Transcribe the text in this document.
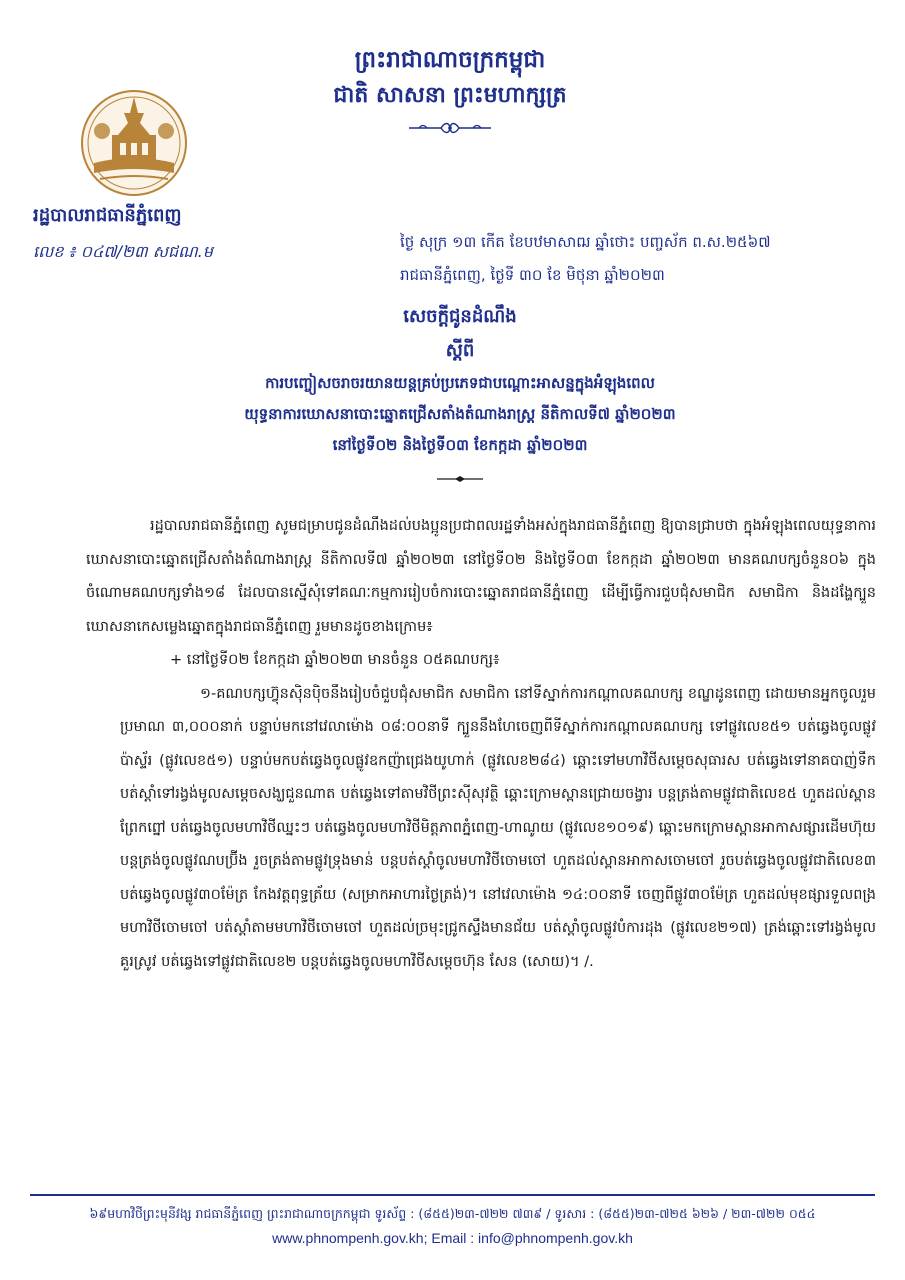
ព្រះរាជាណាចក្រកម្ពុជា
ជាតិ សាសនា ព្រះមហាក្សត្រ
រដ្ឋបាលរាជធានីភ្នំពេញ
លេខ ៖ ០៤៧/២៣ សជណ.ម	ថ្ងៃ សុក្រ ១៣ កើត ខែបឋមាសាឍ ឆ្នាំថោះ បញ្ចស័ក ព.ស.២៥៦៧
រាជធានីភ្នំពេញ, ថ្ងៃទី ៣០ ខែ មិថុនា ឆ្នាំ២០២៣
សេចក្តីជូនដំណឹង
ស្តីពី
ការបញ្ចៀសចរាចរយានយន្តគ្រប់ប្រភេទជាបណ្តោះអាសន្នក្នុងអំឡុងពេល
យុទ្ធនាការឃោសនាបោះឆ្នោតជ្រើសតាំងតំណាងរាស្ត្រ នីតិកាលទី៧ ឆ្នាំ២០២៣
នៅថ្ងៃទី០២ និងថ្ងៃទី០៣ ខែកក្កដា ឆ្នាំ២០២៣
រដ្ឋបាលរាជធានីភ្នំពេញ សូមជម្រាបជូនដំណឹងដល់បងប្អូនប្រជាពលរដ្ឋទាំងអស់ក្នុងរាជធានីភ្នំពេញ ឱ្យបានជ្រាបថា ក្នុងអំឡុងពេលយុទ្ធនាការឃោសនាបោះឆ្នោតជ្រើសតាំងតំណាងរាស្ត្រ នីតិកាលទី៧ ឆ្នាំ២០២៣ នៅថ្ងៃទី០២ និងថ្ងៃទី០៣ ខែកក្កដា ឆ្នាំ២០២៣ មានគណបក្សចំនួន០៦ ក្នុងចំណោមគណបក្សទាំង១៨ ដែលបានស្នើសុំទៅគណៈកម្មការរៀបចំការបោះឆ្នោតរាជធានីភ្នំពេញ ដើម្បីធ្វើការជួបជុំសមាជិក សមាជិកា និងដង្ហែក្បួនឃោសនាកេសម្លេងឆ្នោតក្នុងរាជធានីភ្នំពេញ រួមមានដូចខាងក្រោម៖
+ នៅថ្ងៃទី០២ ខែកក្កដា ឆ្នាំ២០២៣ មានចំនួន ០៥គណបក្ស៖
១-គណបក្សហ៊្វុនស៊ិនប៉ិចនឹងរៀបចំជួបជុំសមាជិក សមាជិកា នៅទីស្នាក់ការកណ្តាលគណបក្ស ខណ្ឌដូនពេញ ដោយមានអ្នកចូលរួមប្រមាណ ៣,០០០នាក់ បន្ទាប់មកនៅវេលាម៉ោង ០៨:០០នាទី ក្បួននឹងហែចេញពីទីស្នាក់ការកណ្តាលគណបក្ស ទៅផ្លូវលេខ៥១ បត់ឆ្វេងចូលផ្លូវប៉ាស្ទ័រ (ផ្លូវលេខ៥១) បន្ទាប់មកបត់ឆ្វេងចូលផ្លូវឧកញ៉ាជ្រេងយូហាក់ (ផ្លូវលេខ២៨៤) ឆ្ពោះទៅមហាវិថីសម្តេចសុធារស បត់ឆ្វេងទៅនាគបាញ់ទឹក បត់ស្តាំទៅរង្វង់មូលសម្តេចសង្ឃជួនណាត បត់ឆ្វេងទៅតាមវិថីព្រះស៊ីសុវត្ថិ ឆ្ពោះក្រោមស្ពានជ្រោយចង្វារ បន្តត្រង់តាមផ្លូវជាតិលេខ៥ ហួតដល់ស្ពានព្រែកព្នៅ បត់ឆ្វេងចូលមហាវិថីឈ្នះៗ បត់ឆ្វេងចូលមហាវិថីមិត្តភាពភ្នំពេញ-ហាណូយ (ផ្លូវលេខ១០១៩) ឆ្ពោះមកក្រោមស្ពានអាកាសផ្សារដើមហ៊ុយ បន្តត្រង់ចូលផ្លូវណបប្រ៊ីង រួចត្រង់តាមផ្លូវទ្រុងមាន់ បន្តបត់ស្តាំចូលមហាវិថីចោមចៅ ហួតដល់ស្ពានអាកាសចោមចៅ រួចបត់ឆ្វេងចូលផ្លូវជាតិលេខ៣ បត់ឆ្វេងចូលផ្លូវ៣០ម៉ែត្រ កែងវត្តពុទ្ធត្រ័យ (សម្រាកអាហារថ្ងៃត្រង់)។ នៅវេលាម៉ោង ១៤:០០នាទី ចេញពីផ្លូវ៣០ម៉ែត្រ ហួតដល់មុខផ្សារទួលពង្រ មហាវិថីចោមចៅ បត់ស្តាំតាមមហាវិថីចោមចៅ ហួតដល់ច្រមុះជ្រូកស្ទឹងមានជ័យ បត់ស្តាំចូលផ្លូវបំការដុង (ផ្លូវលេខ២១៧) ត្រង់ឆ្ពោះទៅរង្វង់មូលគួរស្រូវ បត់ឆ្វេងទៅផ្លូវជាតិលេខ២ បន្តបត់ឆ្វេងចូលមហាវិថីសម្តេចហ៊ុន សែន (សោយ)។ /.
៦៩មហាវិថីព្រះមុនីវង្ស រាជធានីភ្នំពេញ ព្រះរាជាណាចក្រកម្ពុជា ទូរស័ព្ទ : (៨៥៥)២៣-៧២២ ៧៣៩ / ទូរសារ : (៨៥៥)២៣-៧២៥ ៦២៦ / ២៣-៧២២ ០៥៤
www.phnompenh.gov.kh; Email : info@phnompenh.gov.kh
